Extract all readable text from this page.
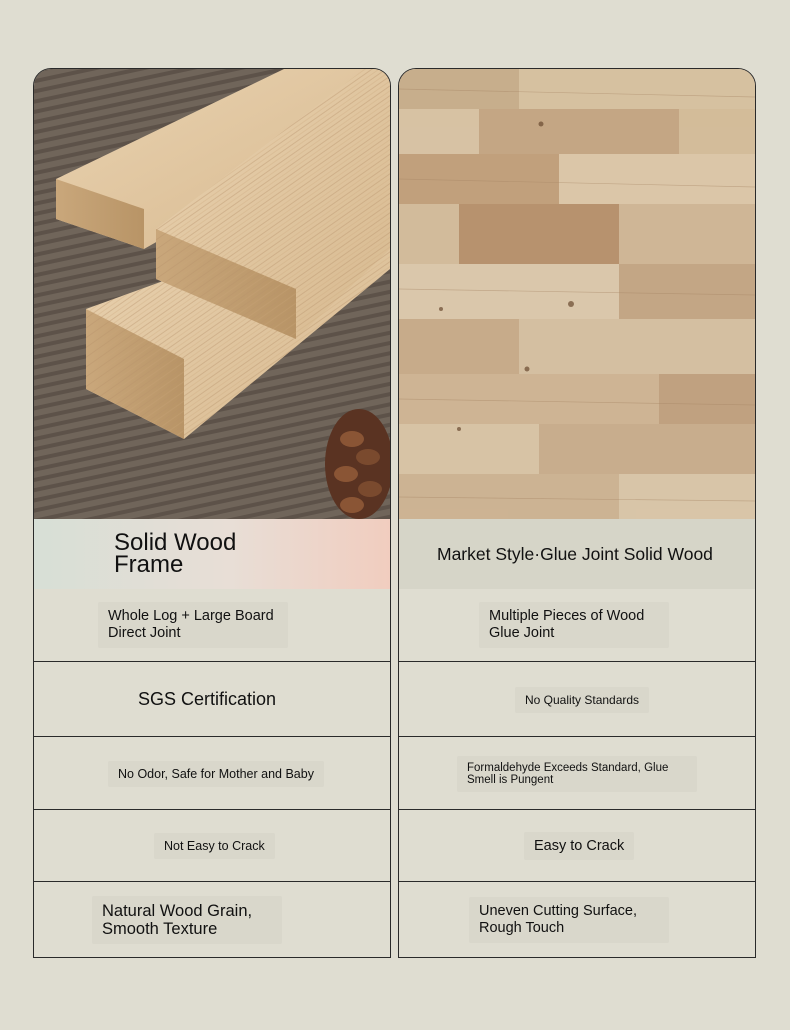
Solid Wood Frame
Whole Log + Large Board Direct Joint
SGS Certification
No Odor, Safe for Mother and Baby
Not Easy to Crack
Natural Wood Grain, Smooth Texture
Market Style·Glue Joint Solid Wood
Multiple Pieces of Wood Glue Joint
No Quality Standards
Formaldehyde Exceeds Standard, Glue Smell is Pungent
Easy to Crack
Uneven Cutting Surface, Rough Touch
